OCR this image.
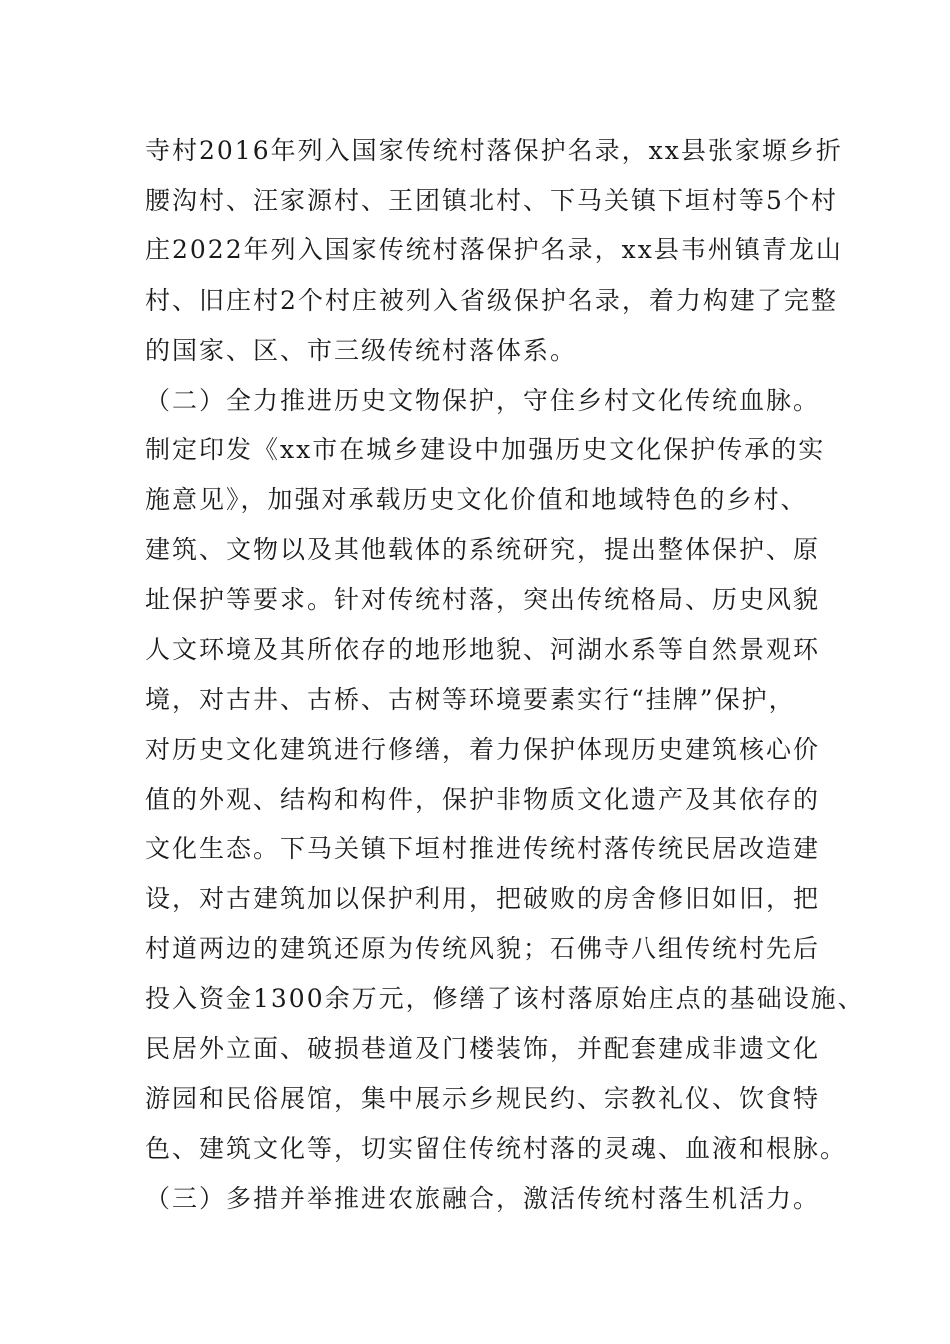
寺村2016年列入国家传统村落保护名录，xx县张家塬乡折
腰沟村、汪家源村、王团镇北村、下马关镇下垣村等5个村
庄2022年列入国家传统村落保护名录，xx县韦州镇青龙山
村、旧庄村2个村庄被列入省级保护名录，着力构建了完整
的国家、区、市三级传统村落体系。
（二）全力推进历史文物保护，守住乡村文化传统血脉。
制定印发《xx市在城乡建设中加强历史文化保护传承的实
施意见》，加强对承载历史文化价值和地域特色的乡村、
建筑、文物以及其他载体的系统研究，提出整体保护、原
址保护等要求。针对传统村落，突出传统格局、历史风貌
人文环境及其所依存的地形地貌、河湖水系等自然景观环
境，对古井、古桥、古树等环境要素实行“挂牌”保护，
对历史文化建筑进行修缮，着力保护体现历史建筑核心价
值的外观、结构和构件，保护非物质文化遗产及其依存的
文化生态。下马关镇下垣村推进传统村落传统民居改造建
设，对古建筑加以保护利用，把破败的房舍修旧如旧，把
村道两边的建筑还原为传统风貌；石佛寺八组传统村先后
投入资金1300余万元，修缮了该村落原始庄点的基础设施、
民居外立面、破损巷道及门楼装饰，并配套建成非遗文化
游园和民俗展馆，集中展示乡规民约、宗教礼仪、饮食特
色、建筑文化等，切实留住传统村落的灵魂、血液和根脉。
（三）多措并举推进农旅融合，激活传统村落生机活力。
